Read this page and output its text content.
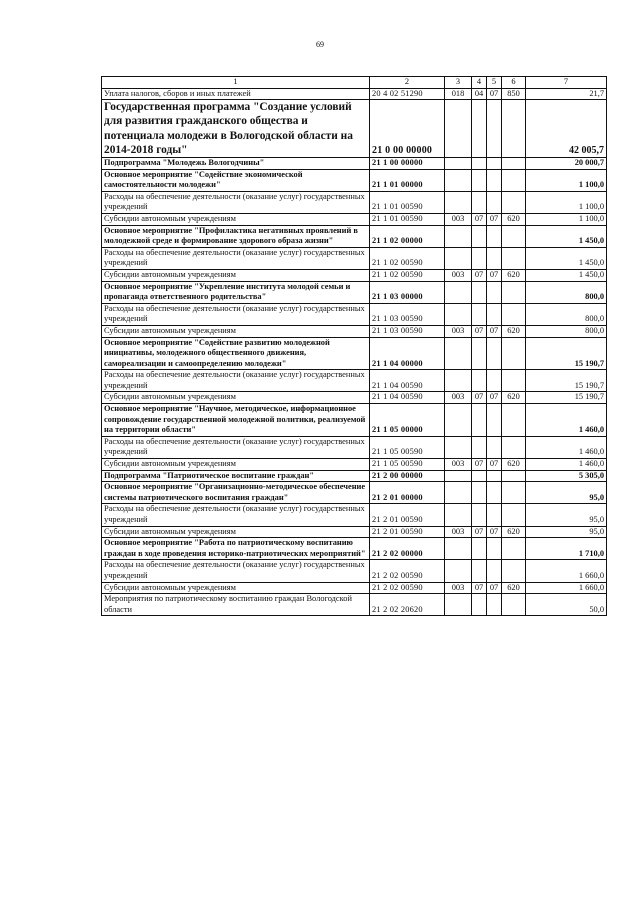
69
1	2	3	4	5	6	7
Уплата налогов, сборов и иных платежей	20 4 02 51290	018	04	07	850	21,7
Государственная программа "Создание условий для развития гражданского общества и потенциала молодежи в Вологодской области на 2014-2018 годы"	21 0 00 00000					42 005,7
Подпрограмма "Молодежь Вологодчины"	21 1 00 00000					20 000,7
Основное мероприятие "Содействие экономической самостоятельности молодежи"	21 1 01 00000					1 100,0
Расходы на обеспечение деятельности (оказание услуг) государственных учреждений	21 1 01 00590					1 100,0
Субсидии автономным учреждениям	21 1 01 00590	003	07	07	620	1 100,0
Основное мероприятие "Профилактика негативных проявлений в молодежной среде и формирование здорового образа жизни"	21 1 02 00000					1 450,0
Расходы на обеспечение деятельности (оказание услуг) государственных учреждений	21 1 02 00590					1 450,0
Субсидии автономным учреждениям	21 1 02 00590	003	07	07	620	1 450,0
Основное мероприятие "Укрепление института молодой семьи и пропаганда ответственного родительства"	21 1 03 00000					800,0
Расходы на обеспечение деятельности (оказание услуг) государственных учреждений	21 1 03 00590					800,0
Субсидии автономным учреждениям	21 1 03 00590	003	07	07	620	800,0
Основное мероприятие "Содействие развитию молодежной инициативы, молодежного общественного движения, самореализации и самоопределению молодежи"	21 1 04 00000					15 190,7
Расходы на обеспечение деятельности (оказание услуг) государственных учреждений	21 1 04 00590					15 190,7
Субсидии автономным учреждениям	21 1 04 00590	003	07	07	620	15 190,7
Основное мероприятие "Научное, методическое, информационное сопровождение государственной молодежной политики, реализуемой на территории области"	21 1 05 00000					1 460,0
Расходы на обеспечение деятельности (оказание услуг) государственных учреждений	21 1 05 00590					1 460,0
Субсидии автономным учреждениям	21 1 05 00590	003	07	07	620	1 460,0
Подпрограмма "Патриотическое воспитание граждан"	21 2 00 00000					5 305,0
Основное мероприятие "Организационно-методическое обеспечение системы патриотического воспитания граждан"	21 2 01 00000					95,0
Расходы на обеспечение деятельности (оказание услуг) государственных учреждений	21 2 01 00590					95,0
Субсидии автономным учреждениям	21 2 01 00590	003	07	07	620	95,0
Основное мероприятие "Работа по патриотическому воспитанию граждан в ходе проведения историко-патриотических мероприятий"	21 2 02 00000					1 710,0
Расходы на обеспечение деятельности (оказание услуг) государственных учреждений	21 2 02 00590					1 660,0
Субсидии автономным учреждениям	21 2 02 00590	003	07	07	620	1 660,0
Мероприятия по патриотическому воспитанию граждан Вологодской области	21 2 02 20620					50,0
